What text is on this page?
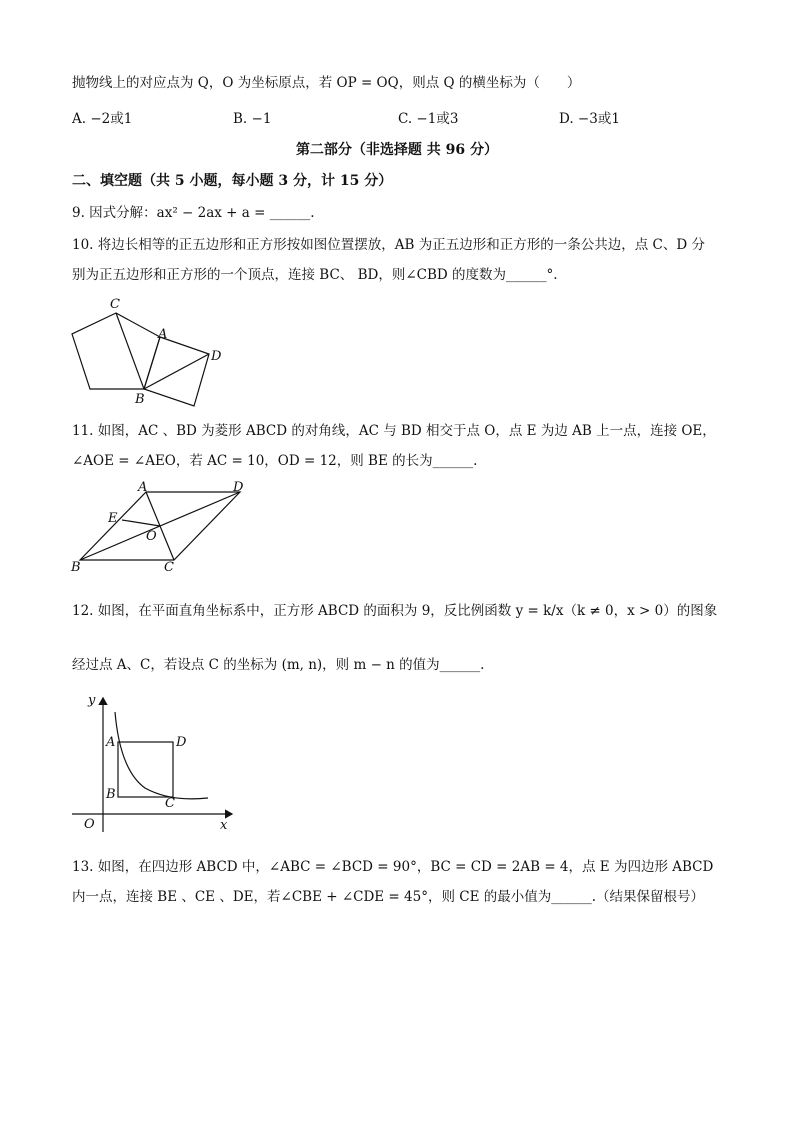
抛物线上的对应点为 Q，O 为坐标原点，若 OP = OQ，则点 Q 的横坐标为（　　）
A. −2或1	B. −1	C. −1或3	D. −3或1
第二部分（非选择题 共 96 分）
二、填空题（共 5 小题，每小题 3 分，计 15 分）
9. 因式分解：ax² − 2ax + a = ______.
10. 将边长相等的正五边形和正方形按如图位置摆放，AB 为正五边形和正方形的一条公共边，点 C、D 分
别为正五边形和正方形的一个顶点，连接 BC、 BD，则∠CBD 的度数为______°.
C
A
D
B
11. 如图，AC 、BD 为菱形 ABCD 的对角线，AC 与 BD 相交于点 O，点 E 为边 AB 上一点，连接 OE，
∠AOE = ∠AEO，若 AC = 10，OD = 12，则 BE 的长为______.
A	D
E
O
B	C
12. 如图，在平面直角坐标系中，正方形 ABCD 的面积为 9，反比例函数 y = k/x（k ≠ 0，x > 0）的图象
经过点 A、C，若设点 C 的坐标为 (m, n)，则 m − n 的值为______.
y
A	D
B
C
O	x
13. 如图，在四边形 ABCD 中，∠ABC = ∠BCD = 90°，BC = CD = 2AB = 4，点 E 为四边形 ABCD
内一点，连接 BE 、CE 、DE，若∠CBE + ∠CDE = 45°，则 CE 的最小值为______.（结果保留根号）
